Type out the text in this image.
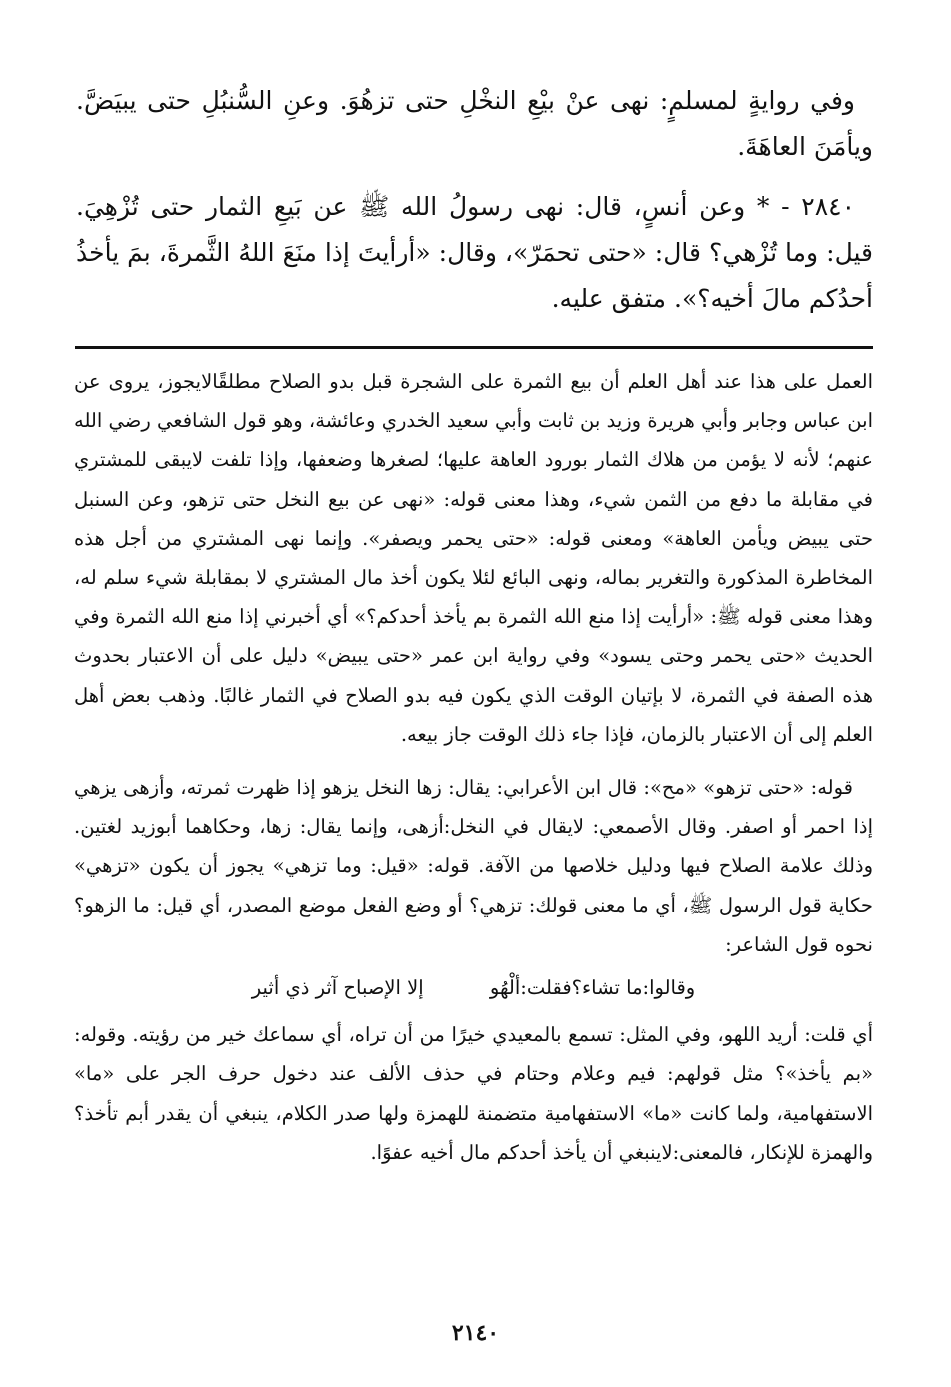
وفي روايةٍ لمسلمٍ: نهى عنْ بيْعِ النخْلِ حتى تزهُوَ. وعنِ السُّنبُلِ حتى يبيَضَّ. ويأمَنَ العاهَةَ.

٢٨٤٠ - * وعن أنسٍ، قال: نهى رسولُ الله ﷺ عن بَيعِ الثمار حتى تُزْهِيَ. قيل: وما تُزْهي؟ قال: «حتى تحمَرّ»، وقال: «أرأيتَ إذا منَعَ اللهُ الثَّمرةَ، بمَ يأخذُ أحدُكم مالَ أخيه؟». متفق عليه.

العمل على هذا عند أهل العلم أن بيع الثمرة على الشجرة قبل بدو الصلاح مطلقًالايجوز، يروى عن ابن عباس وجابر وأبي هريرة وزيد بن ثابت وأبي سعيد الخدري وعائشة، وهو قول الشافعي رضي الله عنهم؛ لأنه لا يؤمن من هلاك الثمار بورود العاهة عليها؛ لصغرها وضعفها، وإذا تلفت لايبقى للمشتري في مقابلة ما دفع من الثمن شيء، وهذا معنى قوله: «نهى عن بيع النخل حتى تزهو، وعن السنبل حتى يبيض ويأمن العاهة» ومعنى قوله: «حتى يحمر ويصفر». وإنما نهى المشتري من أجل هذه المخاطرة المذكورة والتغرير بماله، ونهى البائع لئلا يكون أخذ مال المشتري لا بمقابلة شيء سلم له، وهذا معنى قوله ﷺ: «أرأيت إذا منع الله الثمرة بم يأخذ أحدكم؟» أي أخبرني إذا منع الله الثمرة وفي الحديث «حتى يحمر وحتى يسود» وفي رواية ابن عمر «حتى يبيض» دليل على أن الاعتبار بحدوث هذه الصفة في الثمرة، لا بإتيان الوقت الذي يكون فيه بدو الصلاح في الثمار غالبًا. وذهب بعض أهل العلم إلى أن الاعتبار بالزمان، فإذا جاء ذلك الوقت جاز بيعه.

قوله: «حتى تزهو» «مح»: قال ابن الأعرابي: يقال: زها النخل يزهو إذا ظهرت ثمرته، وأزهى يزهي إذا احمر أو اصفر. وقال الأصمعي: لايقال في النخل:أزهى، وإنما يقال: زها، وحكاهما أبوزيد لغتين. وذلك علامة الصلاح فيها ودليل خلاصها من الآفة. قوله: «قيل: وما تزهي» يجوز أن يكون «تزهي» حكاية قول الرسول ﷺ، أي ما معنى قولك: تزهي؟ أو وضع الفعل موضع المصدر، أي قيل: ما الزهو؟ نحوه قول الشاعر:

وقالوا:ما تشاء؟فقلت:ألْهُو إلا الإصباح آثر ذي أثير

أي قلت: أريد اللهو، وفي المثل: تسمع بالمعيدي خيرًا من أن تراه، أي سماعك خير من رؤيته. وقوله: «بم يأخذ»؟ مثل قولهم: فيم وعلام وحتام في حذف الألف عند دخول حرف الجر على «ما» الاستفهامية، ولما كانت «ما» الاستفهامية متضمنة للهمزة ولها صدر الكلام، ينبغي أن يقدر أبم تأخذ؟ والهمزة للإنكار، فالمعنى:لاينبغي أن يأخذ أحدكم مال أخيه عفوًا.

٢١٤٠
